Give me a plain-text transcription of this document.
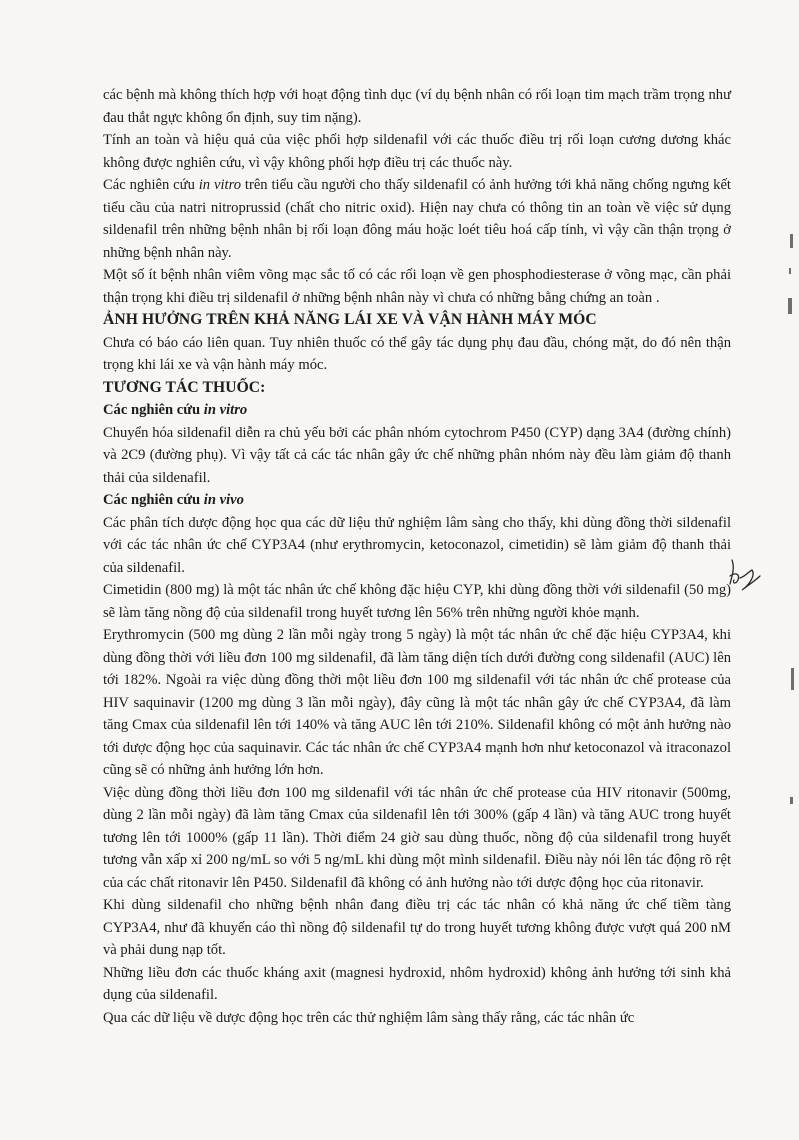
các bệnh mà không thích hợp với hoạt động tình dục (ví dụ bệnh nhân có rối loạn tim mạch trầm trọng như đau thắt ngực không ổn định, suy tim nặng).

Tính an toàn và hiệu quả của việc phối hợp sildenafil với các thuốc điều trị rối loạn cương dương khác không được nghiên cứu, vì vậy không phối hợp điều trị các thuốc này.

Các nghiên cứu in vitro trên tiểu cầu người cho thấy sildenafil có ảnh hưởng tới khả năng chống ngưng kết tiểu cầu của natri nitroprussid (chất cho nitric oxid). Hiện nay chưa có thông tin an toàn về việc sử dụng sildenafil trên những bệnh nhân bị rối loạn đông máu hoặc loét tiêu hoá cấp tính, vì vậy cần thận trọng ở những bệnh nhân này.

Một số ít bệnh nhân viêm võng mạc sắc tố có các rối loạn về gen phosphodiesterase ở võng mạc, cần phải thận trọng khi điều trị sildenafil ở những bệnh nhân này vì chưa có những bằng chứng an toàn .

ẢNH HƯỞNG TRÊN KHẢ NĂNG LÁI XE VÀ VẬN HÀNH MÁY MÓC

Chưa có báo cáo liên quan. Tuy nhiên thuốc có thể gây tác dụng phụ đau đầu, chóng mặt, do đó nên thận trọng khi lái xe và vận hành máy móc.

TƯƠNG TÁC THUỐC:
Các nghiên cứu in vitro

Chuyển hóa sildenafil diễn ra chủ yếu bởi các phân nhóm cytochrom P450 (CYP) dạng 3A4 (đường chính) và 2C9 (đường phụ). Vì vậy tất cả các tác nhân gây ức chế những phân nhóm này đều làm giảm độ thanh thải của sildenafil.

Các nghiên cứu in vivo

Các phân tích dược động học qua các dữ liệu thử nghiệm lâm sàng cho thấy, khi dùng đồng thời sildenafil với các tác nhân ức chế CYP3A4 (như erythromycin, ketoconazol, cimetidin) sẽ làm giảm độ thanh thải của sildenafil.

Cimetidin (800 mg) là một tác nhân ức chế không đặc hiệu CYP, khi dùng đồng thời với sildenafil (50 mg) sẽ làm tăng nồng độ của sildenafil trong huyết tương lên 56% trên những người khỏe mạnh.

Erythromycin (500 mg dùng 2 lần mỗi ngày trong 5 ngày) là một tác nhân ức chế đặc hiệu CYP3A4, khi dùng đồng thời với liều đơn 100 mg sildenafil, đã làm tăng diện tích dưới đường cong sildenafil (AUC) lên tới 182%. Ngoài ra việc dùng đồng thời một liều đơn 100 mg sildenafil với tác nhân ức chế protease của HIV saquinavir (1200 mg dùng 3 lần mỗi ngày), đây cũng là một tác nhân gây ức chế CYP3A4, đã làm tăng Cmax của sildenafil lên tới 140% và tăng AUC lên tới 210%. Sildenafil không có một ảnh hưởng nào tới dược động học của saquinavir. Các tác nhân ức chế CYP3A4 mạnh hơn như ketoconazol và itraconazol cũng sẽ có những ảnh hưởng lớn hơn.

Việc dùng đồng thời liều đơn 100 mg sildenafil với tác nhân ức chế protease của HIV ritonavir (500mg, dùng 2 lần mỗi ngày) đã làm tăng Cmax của sildenafil lên tới 300% (gấp 4 lần) và tăng AUC trong huyết tương lên tới 1000% (gấp 11 lần). Thời điểm 24 giờ sau dùng thuốc, nồng độ của sildenafil trong huyết tương vẫn xấp xỉ 200 ng/mL so với 5 ng/mL khi dùng một mình sildenafil. Điều này nói lên tác động rõ rệt của các chất ritonavir lên P450. Sildenafil đã không có ảnh hưởng nào tới dược động học của ritonavir.

Khi dùng sildenafil cho những bệnh nhân đang điều trị các tác nhân có khả năng ức chế tiềm tàng CYP3A4, như đã khuyến cáo thì nồng độ sildenafil tự do trong huyết tương không được vượt quá 200 nM và phải dung nạp tốt.

Những liều đơn các thuốc kháng axit (magnesi hydroxid, nhôm hydroxid) không ảnh hưởng tới sinh khả dụng của sildenafil.

Qua các dữ liệu về dược động học trên các thử nghiệm lâm sàng thấy rằng, các tác nhân ức
